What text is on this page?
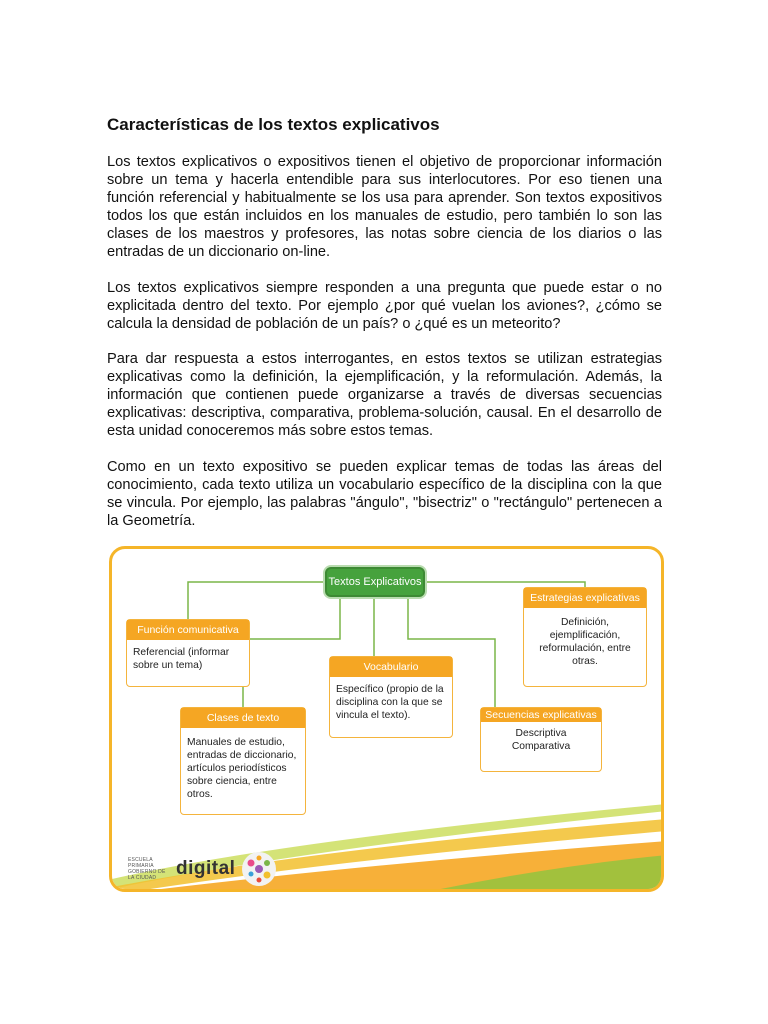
Características de los textos explicativos

Los textos explicativos o expositivos tienen el objetivo de proporcionar información sobre un tema y hacerla entendible para sus interlocutores. Por eso tienen una función referencial y habitualmente se los usa para aprender. Son textos expositivos todos los que están incluidos en los manuales de estudio, pero también lo son las clases de los maestros y profesores, las notas sobre ciencia de los diarios o las entradas de un diccionario on-line.

Los textos explicativos siempre responden a una pregunta que puede estar o no explicitada dentro del texto. Por ejemplo ¿por qué vuelan los aviones?, ¿cómo se calcula la densidad de población de un país? o ¿qué es un meteorito?

Para dar respuesta a estos interrogantes, en estos textos se utilizan estrategias explicativas como la definición, la ejemplificación, y la reformulación. Además, la información que contienen puede organizarse a través de diversas secuencias explicativas: descriptiva, comparativa, problema-solución, causal. En el desarrollo de esta unidad conoceremos más sobre estos temas.

Como en un texto expositivo se pueden explicar temas de todas las áreas del conocimiento, cada texto utiliza un vocabulario específico de la disciplina con la que se vincula. Por ejemplo, las palabras "ángulo", "bisectriz" o "rectángulo" pertenecen a la Geometría.

Textos Explicativos
Función comunicativa
Referencial (informar sobre un tema)
Clases de texto
Manuales de estudio, entradas de diccionario, artículos periodísticos sobre ciencia, entre otros.
Vocabulario
Específico (propio de la disciplina con la que se vincula el texto).
Estrategias explicativas
Definición, ejemplificación, reformulación, entre otras.
Secuencias explicativas
Descriptiva Comparativa
ESCUELA PRIMARIA GOBIERNO DE LA CIUDAD	digital
